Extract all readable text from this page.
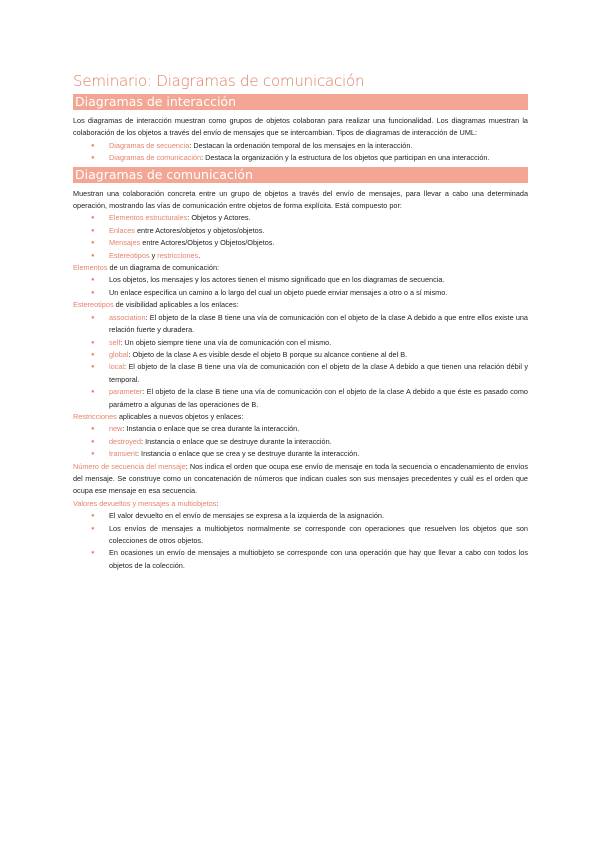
Seminario: Diagramas de comunicación
Diagramas de interacción

Los diagramas de interacción muestran como grupos de objetos colaboran para realizar una funcionalidad. Los diagramas muestran la colaboración de los objetos a través del envío de mensajes que se intercambian. Tipos de diagramas de interacción de UML:

● Diagramas de secuencia: Destacan la ordenación temporal de los mensajes en la interacción.
● Diagramas de comunicación: Destaca la organización y la estructura de los objetos que participan en una interacción.
Diagramas de comunicación

Muestran una colaboración concreta entre un grupo de objetos a través del envío de mensajes, para llevar a cabo una determinada operación, mostrando las vías de comunicación entre objetos de forma explícita. Está compuesto por:

● Elementos estructurales: Objetos y Actores.
● Enlaces entre Actores/objetos y objetos/objetos.
● Mensajes entre Actores/Objetos y Objetos/Objetos.
● Estereotipos y restricciones.

Elementos de un diagrama de comunicación:

● Los objetos, los mensajes y los actores tienen el mismo significado que en los diagramas de secuencia.
● Un enlace específica un camino a lo largo del cual un objeto puede enviar mensajes a otro o a sí mismo.

Estereotipos de visibilidad aplicables a los enlaces:

● association: El objeto de la clase B tiene una vía de comunicación con el objeto de la clase A debido a que entre ellos existe una relación fuerte y duradera.
● self: Un objeto siempre tiene una vía de comunicación con el mismo.
● global: Objeto de la clase A es visible desde el objeto B porque su alcance contiene al del B.
● local: El objeto de la clase B tiene una vía de comunicación con el objeto de la clase A debido a que tienen una relación débil y temporal.
● parameter: El objeto de la clase B tiene una vía de comunicación con el objeto de la clase A debido a que éste es pasado como parámetro a algunas de las operaciones de B.

Restricciones aplicables a nuevos objetos y enlaces:

● new: Instancia o enlace que se crea durante la interacción.
● destroyed: Instancia o enlace que se destruye durante la interacción.
● transient: Instancia o enlace que se crea y se destruye durante la interacción.

Número de secuencia del mensaje: Nos indica el orden que ocupa ese envío de mensaje en toda la secuencia o encadenamiento de envíos del mensaje. Se construye como un concatenación de números que indican cuales son sus mensajes precedentes y cuál es el orden que ocupa ese mensaje en esa secuencia.

Valores devueltos y mensajes a multiobjetos:

● El valor devuelto en el envío de mensajes se expresa a la izquierda de la asignación.
● Los envíos de mensajes a multiobjetos normalmente se corresponde con operaciones que resuelven los objetos que son colecciones de otros objetos.
● En ocasiones un envío de mensajes a multiobjeto se corresponde con una operación que hay que llevar a cabo con todos los objetos de la colección.
